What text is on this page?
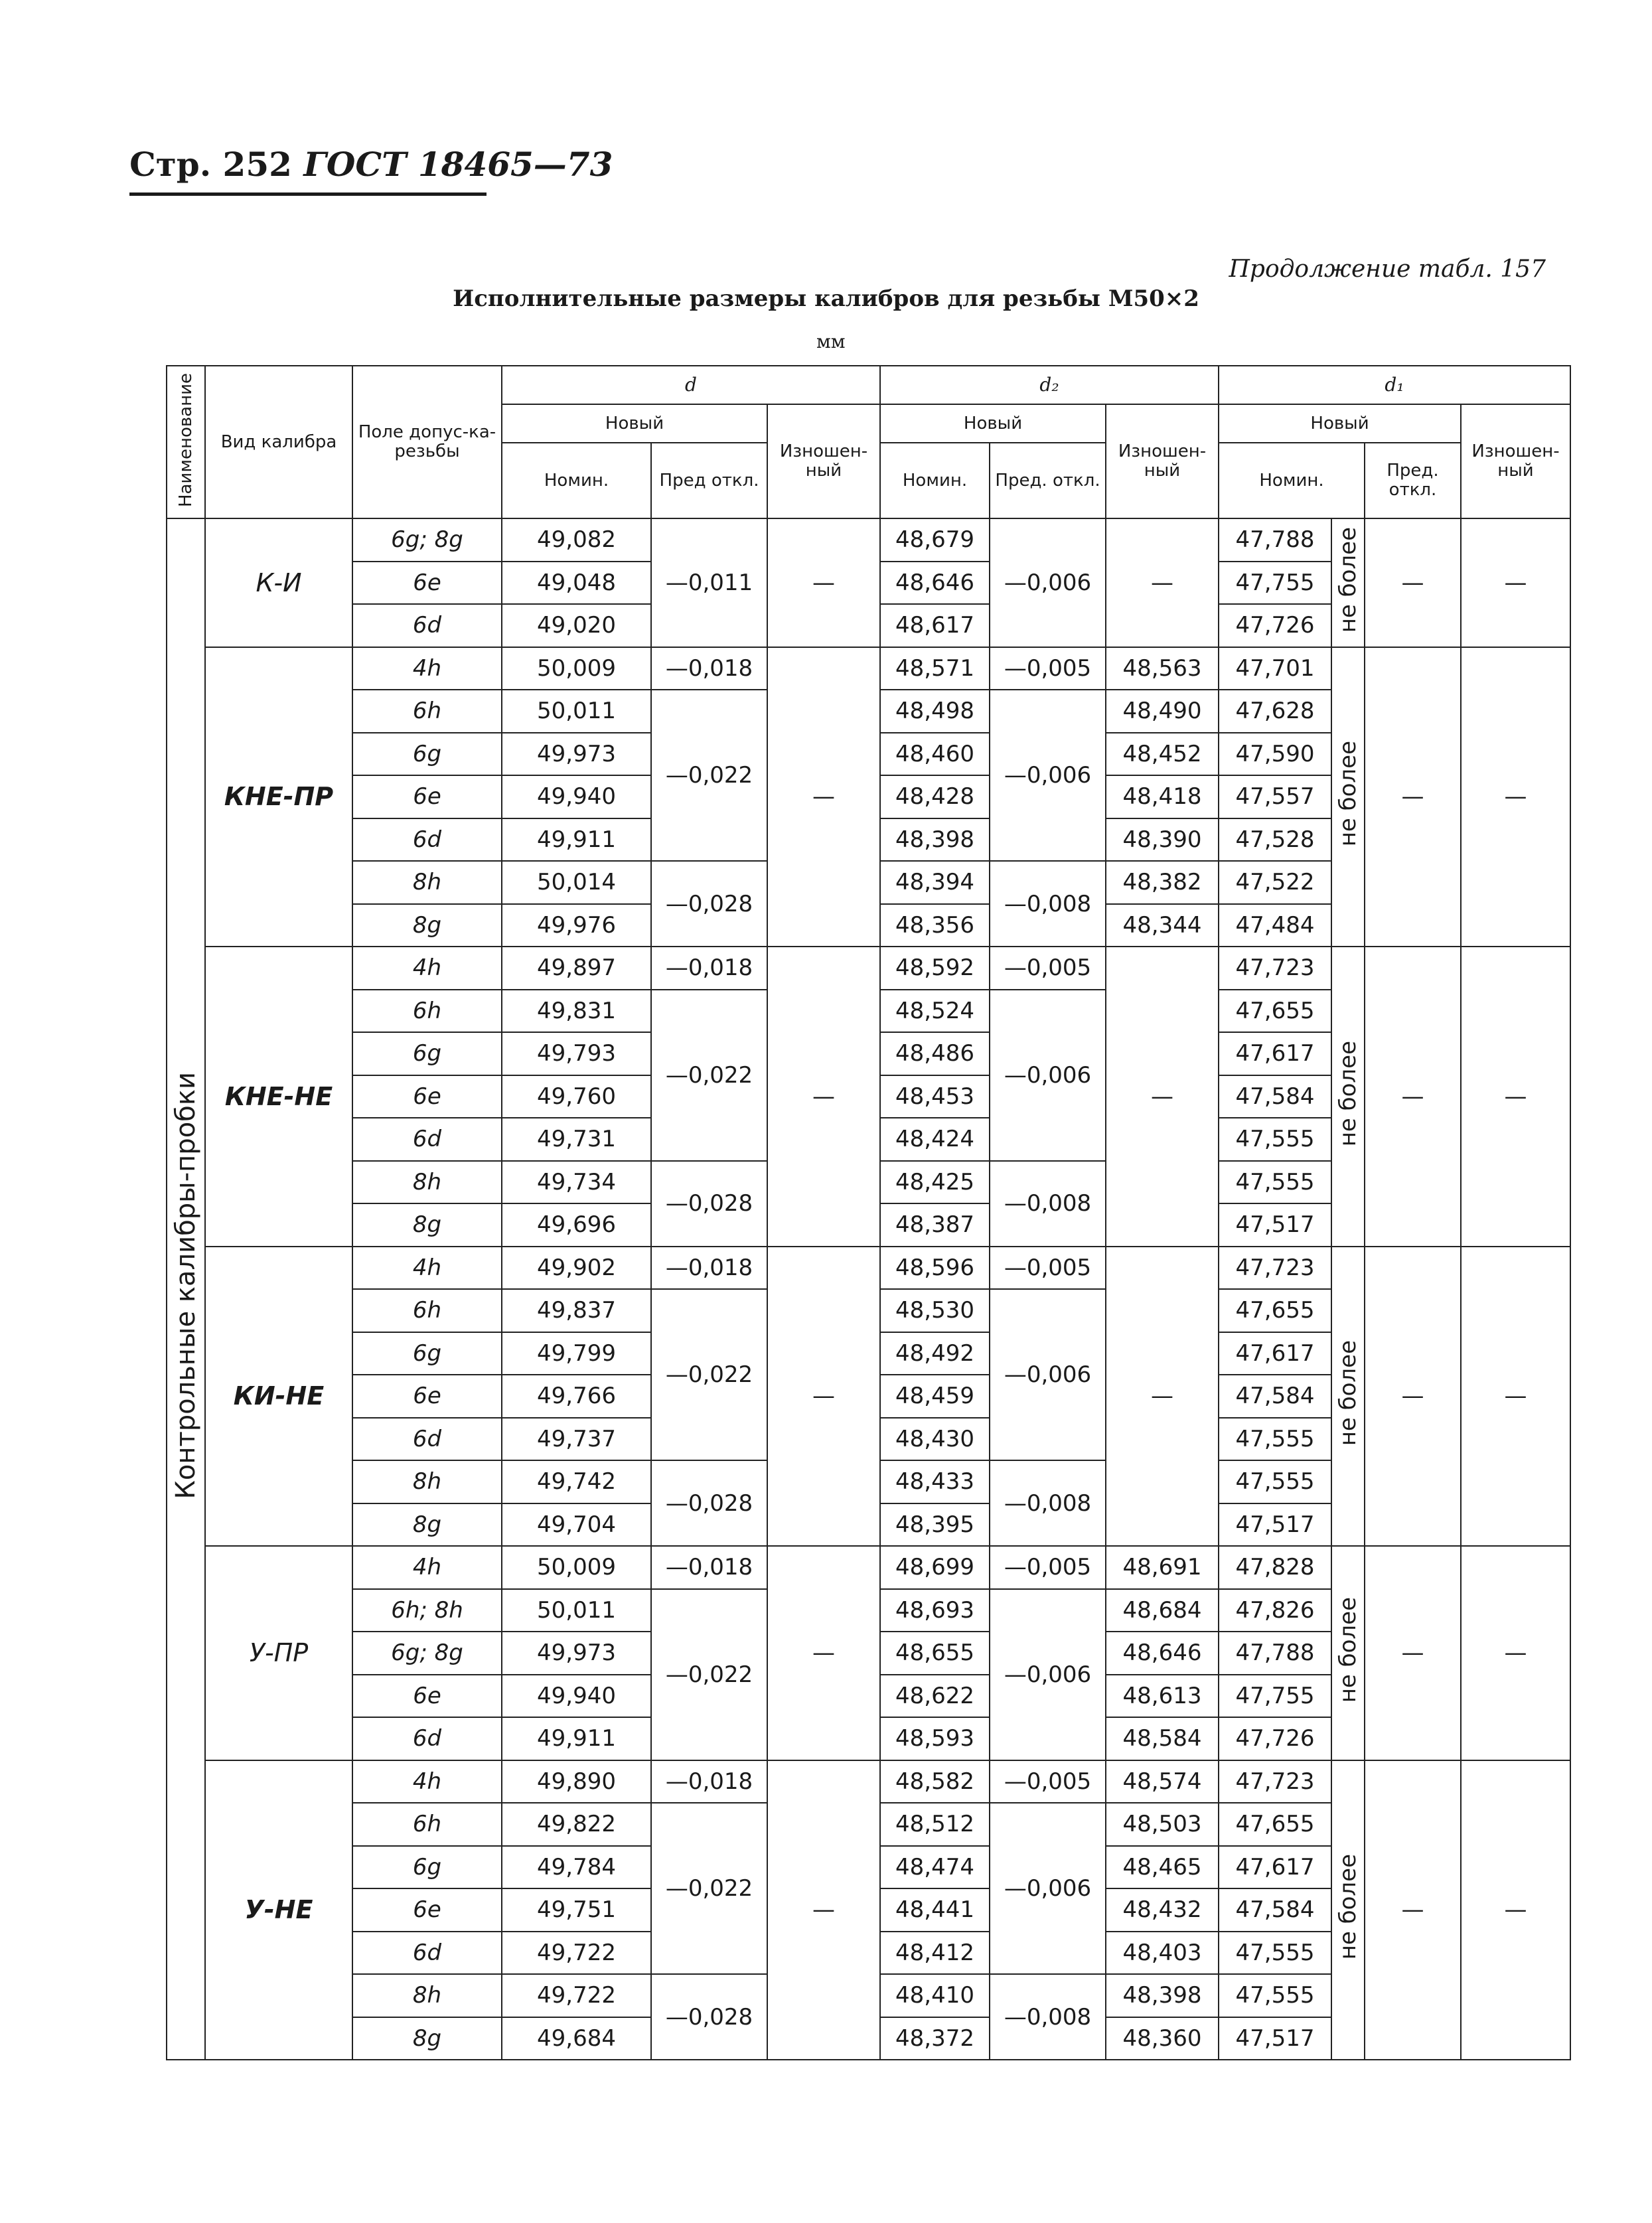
Стр. 252 ГОСТ 18465—73
Продолжение табл. 157
Исполнительные размеры калибров для резьбы М50×2
мм
Наименование	Вид калибра	Поле допус-ка-резьбы	d			d₂			d₁			
			Новый		Изношен-ный	Новый		Изношен-ный	Новый			Изношен-ный
			Номин.	Пред откл.		Номин.	Пред. откл.		Номин.		Пред. откл.	
Контрольные калибры-пробки	К-И	6g; 8g	49,082	—0,011	—	48,679	—0,006	—	47,788	не более	—	—
		6e	49,048			48,646			47,755			
		6d	49,020			48,617			47,726			
	КНЕ-ПР	4h	50,009	—0,018	—	48,571	—0,005	48,563	47,701	не более	—	—
		6h	50,011	—0,022		48,498	—0,006	48,490	47,628			
		6g	49,973			48,460		48,452	47,590			
		6e	49,940			48,428		48,418	47,557			
		6d	49,911			48,398		48,390	47,528			
		8h	50,014	—0,028		48,394	—0,008	48,382	47,522			
		8g	49,976			48,356		48,344	47,484			
	КНЕ-НЕ	4h	49,897	—0,018	—	48,592	—0,005	—	47,723	не более	—	—
		6h	49,831	—0,022		48,524	—0,006		47,655			
		6g	49,793			48,486			47,617			
		6e	49,760			48,453			47,584			
		6d	49,731			48,424			47,555			
		8h	49,734	—0,028		48,425	—0,008		47,555			
		8g	49,696			48,387			47,517			
	КИ-НЕ	4h	49,902	—0,018	—	48,596	—0,005	—	47,723	не более	—	—
		6h	49,837	—0,022		48,530	—0,006		47,655			
		6g	49,799			48,492			47,617			
		6e	49,766			48,459			47,584			
		6d	49,737			48,430			47,555			
		8h	49,742	—0,028		48,433	—0,008		47,555			
		8g	49,704			48,395			47,517			
	У-ПР	4h	50,009	—0,018	—	48,699	—0,005	48,691	47,828	не более	—	—
		6h; 8h	50,011	—0,022		48,693	—0,006	48,684	47,826			
		6g; 8g	49,973			48,655		48,646	47,788			
		6e	49,940			48,622		48,613	47,755			
		6d	49,911			48,593		48,584	47,726			
	У-НЕ	4h	49,890	—0,018	—	48,582	—0,005	48,574	47,723	не более	—	—
		6h	49,822	—0,022		48,512	—0,006	48,503	47,655			
		6g	49,784			48,474		48,465	47,617			
		6e	49,751			48,441		48,432	47,584			
		6d	49,722			48,412		48,403	47,555			
		8h	49,722	—0,028		48,410	—0,008	48,398	47,555			
		8g	49,684			48,372		48,360	47,517			
